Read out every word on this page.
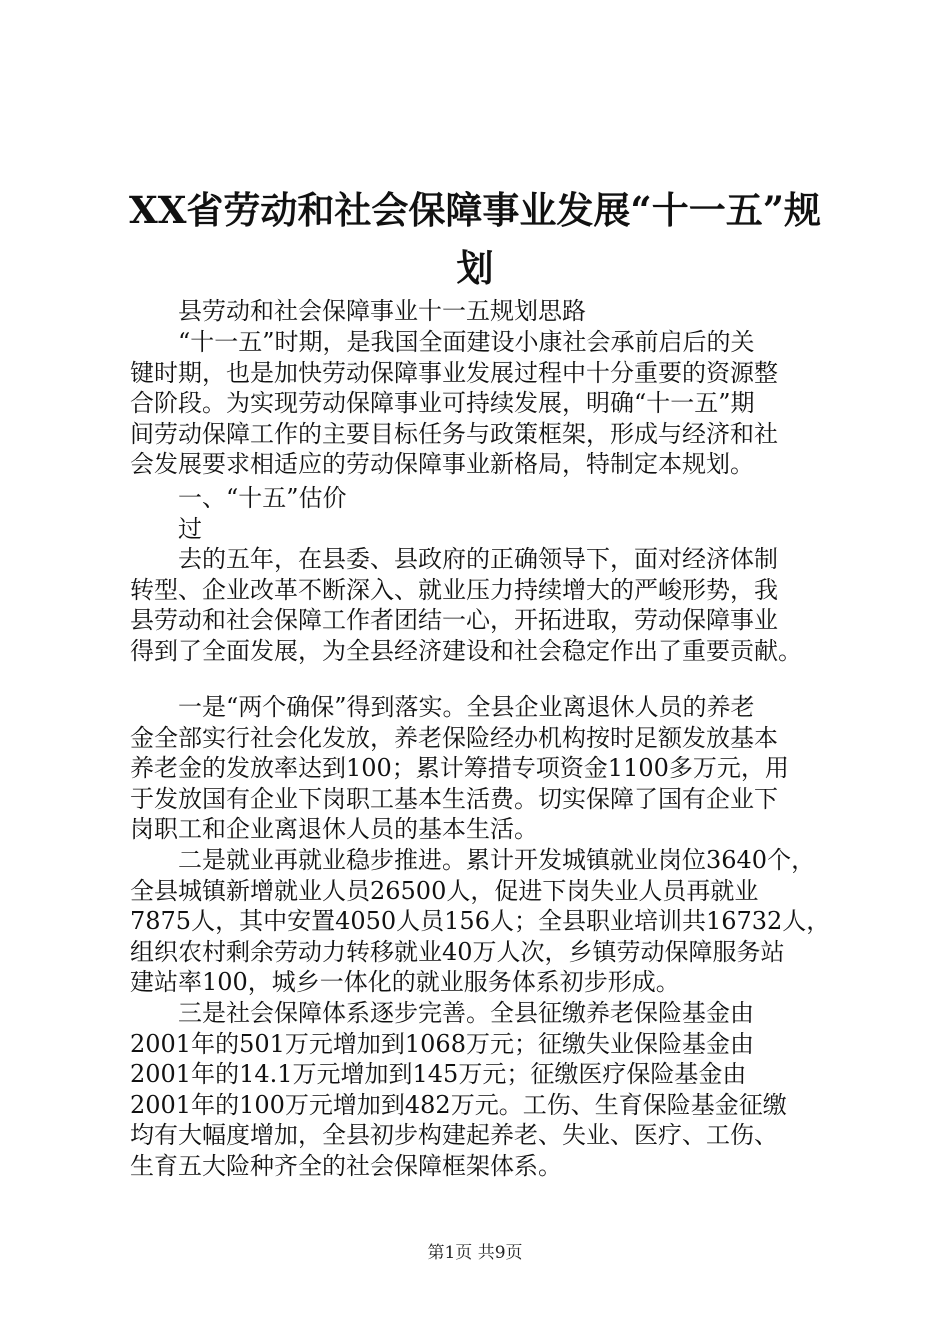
XX省劳动和社会保障事业发展“十一五”规
划
县劳动和社会保障事业十一五规划思路
“十一五”时期，是我国全面建设小康社会承前启后的关
键时期，也是加快劳动保障事业发展过程中十分重要的资源整
合阶段。为实现劳动保障事业可持续发展，明确“十一五”期
间劳动保障工作的主要目标任务与政策框架，形成与经济和社
会发展要求相适应的劳动保障事业新格局，特制定本规划。
一、“十五”估价
过
去的五年，在县委、县政府的正确领导下，面对经济体制
转型、企业改革不断深入、就业压力持续增大的严峻形势，我
县劳动和社会保障工作者团结一心，开拓进取，劳动保障事业
得到了全面发展，为全县经济建设和社会稳定作出了重要贡献。
一是“两个确保”得到落实。全县企业离退休人员的养老
金全部实行社会化发放，养老保险经办机构按时足额发放基本
养老金的发放率达到100；累计筹措专项资金1100多万元，用
于发放国有企业下岗职工基本生活费。切实保障了国有企业下
岗职工和企业离退休人员的基本生活。
二是就业再就业稳步推进。累计开发城镇就业岗位3640个，
全县城镇新增就业人员26500人，促进下岗失业人员再就业
7875人，其中安置4050人员156人；全县职业培训共16732人，
组织农村剩余劳动力转移就业40万人次，乡镇劳动保障服务站
建站率100，城乡一体化的就业服务体系初步形成。
三是社会保障体系逐步完善。全县征缴养老保险基金由
2001年的501万元增加到1068万元；征缴失业保险基金由
2001年的14.1万元增加到145万元；征缴医疗保险基金由
2001年的100万元增加到482万元。工伤、生育保险基金征缴
均有大幅度增加，全县初步构建起养老、失业、医疗、工伤、
生育五大险种齐全的社会保障框架体系。
第1页 共9页
